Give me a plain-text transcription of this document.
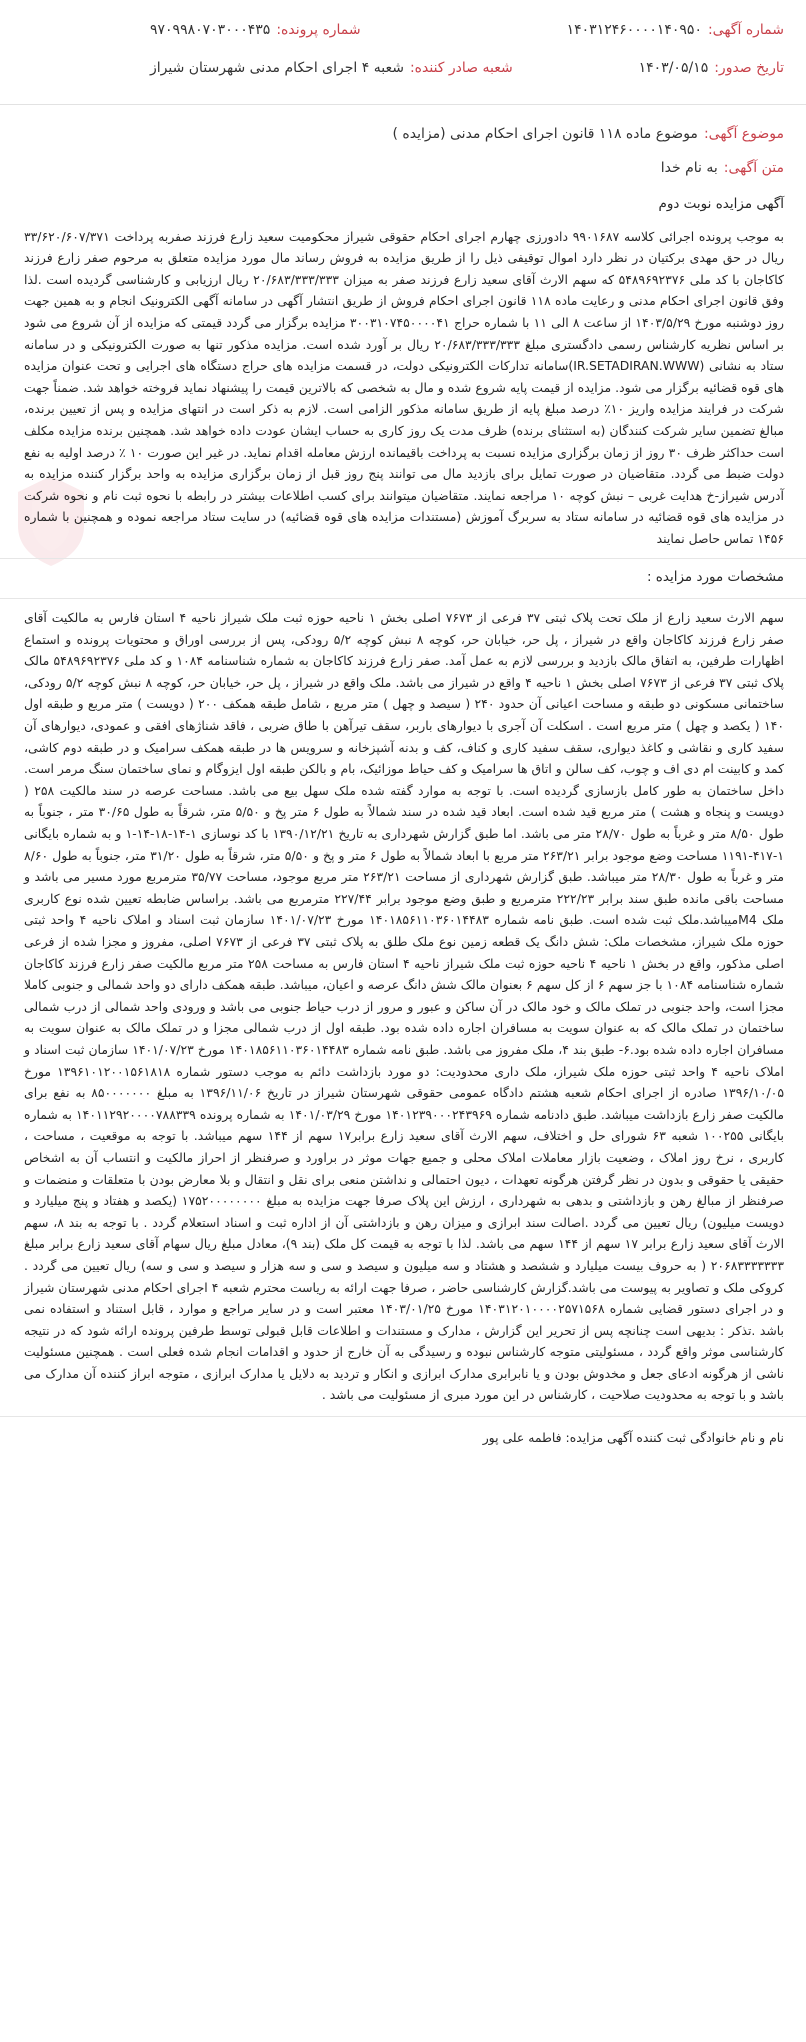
شماره آگهی:۱۴۰۳۱۲۴۶۰۰۰۰۱۴۰۹۵۰
شماره پرونده:۹۷۰۹۹۸۰۷۰۳۰۰۰۴۳۵
تاریخ صدور:۱۴۰۳/۰۵/۱۵
شعبه صادر کننده:شعبه ۴ اجرای احکام مدنی شهرستان شیراز
موضوع آگهی:موضوع ماده ۱۱۸ قانون اجرای احکام مدنی (مزایده )
متن آگهی:به نام خدا

آگهی مزایده نوبت دوم

به موجب پرونده اجرائی کلاسه ۹۹۰۱۶۸۷ دادورزی چهارم اجرای احکام حقوقی شیراز محکومیت سعید زارع فرزند صفربه پرداخت ۳۳/۶۲۰/۶۰۷/۳۷۱ ریال در حق مهدی برکتیان در نظر دارد اموال توقیفی ذیل را از طریق مزایده به فروش رساند مال مورد مزایده متعلق به مرحوم صفر زارع فرزند کاکاجان با کد ملی ۵۴۸۹۶۹۲۳۷۶ که سهم الارث آقای سعید زارع فرزند صفر به میزان ۲۰/۶۸۳/۳۳۳/۳۳۳ ریال ارزیابی و کارشناسی گردیده است .لذا وفق قانون اجرای احکام مدنی و رعایت ماده ۱۱۸ قانون اجرای احکام فروش از طریق انتشار آگهی در سامانه آگهی الکترونیک انجام و به همین جهت روز دوشنبه مورخ ۱۴۰۳/۵/۲۹ از ساعت ۸ الی ۱۱ با شماره حراج ۳۰۰۳۱۰۷۴۵۰۰۰۰۴۱ مزایده برگزار می گردد قیمتی که مزایده از آن شروع می شود بر اساس نظریه کارشناس رسمی دادگستری مبلغ ۲۰/۶۸۳/۳۳۳/۳۳۳ ریال بر آورد شده است. مزایده مذکور تنها به صورت الکترونیکی و در سامانه ستاد به نشانی (IR.SETADIRAN.WWW)سامانه تدارکات الکترونیکی دولت، در قسمت مزایده های حراج دستگاه های اجرایی و تحت عنوان مزایده های قوه قضائیه برگزار می شود. مزایده از قیمت پایه شروع شده و مال به شخصی که بالاترین قیمت را پیشنهاد نماید فروخته خواهد شد. ضمناً جهت شرکت در فرایند مزایده واریز ۱۰٪ درصد مبلغ پایه از طریق سامانه مذکور الزامی است. لازم به ذکر است در انتهای مزایده و پس از تعیین برنده، مبالغ تضمین سایر شرکت کنندگان (به استثنای برنده) ظرف مدت یک روز کاری به حساب ایشان عودت داده خواهد شد. همچنین برنده مزایده مکلف است حداکثر ظرف ۳۰ روز از زمان برگزاری مزایده نسبت به پرداخت باقیمانده ارزش معامله اقدام نماید. در غیر این صورت ۱۰ ٪ درصد اولیه به نفع دولت ضبط می گردد. متقاضیان در صورت تمایل برای بازدید مال می توانند پنج روز قبل از زمان برگزاری مزایده به واحد برگزار کننده مزایده به آدرس شیراز-خ هدایت غربی – نبش کوچه ۱۰ مراجعه نمایند. متقاضیان میتوانند برای کسب اطلاعات بیشتر در رابطه با نحوه ثبت نام و نحوه شرکت در مزایده های قوه قضائیه در سامانه ستاد به سربرگ آموزش (مستندات مزایده های قوه قضائیه) در سایت ستاد مراجعه نموده و همچنین با شماره ۱۴۵۶ تماس حاصل نمایند

مشخصات مورد مزایده :

سهم الارث سعید زارع از ملک تحت پلاک ثبتی ۳۷ فرعی از ۷۶۷۳ اصلی بخش ۱ ناحیه حوزه ثبت ملک شیراز ناحیه ۴ استان فارس به مالکیت آقای صفر زارع فرزند کاکاجان واقع در شیراز ، پل حر، خیابان حر، کوچه ۸ نبش کوچه ۵/۲ رودکی، پس از بررسی اوراق و محتویات پرونده و استماع اظهارات طرفین، به اتفاق مالک بازدید و بررسی لازم به عمل آمد. صفر زارع فرزند کاکاجان به شماره شناسنامه ۱۰۸۴ و کد ملی ۵۴۸۹۶۹۲۳۷۶ مالک پلاک ثبتی ۳۷ فرعی از ۷۶۷۳ اصلی بخش ۱ ناحیه ۴ واقع در شیراز می باشد. ملک واقع در شیراز ، پل حر، خیابان حر، کوچه ۸ نبش کوچه ۵/۲ رودکی، ساختمانی مسکونی دو طبقه و مساحت اعیانی آن حدود ۲۴۰ ( سیصد و چهل ) متر مربع ، شامل طبقه همکف ۲۰۰ ( دویست ) متر مربع و طبقه اول ۱۴۰ ( یکصد و چهل ) متر مربع است . اسکلت آن آجری با دیوارهای باربر، سقف تیرآهن با طاق ضربی ، فاقد شناژهای افقی و عمودی، دیوارهای آن سفید کاری و نقاشی و کاغذ دیواری، سقف سفید کاری و کناف، کف و بدنه آشپزخانه و سرویس ها در طبقه همکف سرامیک و در طبقه دوم کاشی، کمد و کابینت ام دی اف و چوب، کف سالن و اتاق ها سرامیک و کف حیاط موزائیک، بام و بالکن طبقه اول ایزوگام و نمای ساختمان سنگ مرمر است. داخل ساختمان به طور کامل بازسازی گردیده است. با توجه به موارد گفته شده ملک سهل بیع می باشد. مساحت عرصه در سند مالکیت ۲۵۸ ( دویست و پنجاه و هشت ) متر مربع قید شده است. ابعاد قید شده در سند شمالاً به طول ۶ متر پخ و ۵/۵۰ متر، شرقاً به طول ۳۰/۶۵ متر ، جنوباً به طول ۸/۵۰ متر و غرباً به طول ۲۸/۷۰ متر می باشد. اما طبق گزارش شهرداری به تاریخ ۱۳۹۰/۱۲/۲۱ با کد نوسازی ۱-۱۴-۱۸-۱۴-۱ و به شماره بایگانی ۱-۴۱۷-۱۱۹۱ مساحت وضع موجود برابر ۲۶۳/۲۱ متر مربع با ابعاد شمالاً به طول ۶ متر و پخ و ۵/۵۰ متر، شرقاً به طول ۳۱/۲۰ متر، جنوباً به طول ۸/۶۰ متر و غرباً به طول ۲۸/۳۰ متر میباشد. طبق گزارش شهرداری از مساحت ۲۶۳/۲۱ متر مربع موجود، مساحت ۳۵/۷۷ مترمربع مورد مسیر می باشد و مساحت باقی مانده طبق سند برابر ۲۲۲/۲۳ مترمربع و طبق وضع موجود برابر ۲۲۷/۴۴ مترمربع می باشد. براساس ضابطه تعیین شده نوع کاربری ملک M4میباشد.ملک ثبت شده است. طبق نامه شماره ۱۴۰۱۸۵۶۱۱۰۳۶۰۱۴۴۸۳ مورخ ۱۴۰۱/۰۷/۲۳ سازمان ثبت اسناد و املاک ناحیه ۴ واحد ثبتی حوزه ملک شیراز، مشخصات ملک: شش دانگ یک قطعه زمین نوع ملک طلق به پلاک ثبتی ۳۷ فرعی از ۷۶۷۳ اصلی، مفروز و مجزا شده از فرعی اصلی مذکور، واقع در بخش ۱ ناحیه ۴ ناحیه حوزه ثبت ملک شیراز ناحیه ۴ استان فارس به مساحت ۲۵۸ متر مربع مالکیت صفر زارع فرزند کاکاجان شماره شناسنامه ۱۰۸۴ با جز سهم ۶ از کل سهم ۶ بعنوان مالک شش دانگ عرصه و اعیان، میباشد. طبقه همکف دارای دو واحد شمالی و جنوبی کاملا مجزا است، واحد جنوبی در تملک مالک و خود مالک در آن ساکن و عبور و مرور از درب حیاط جنوبی می باشد و ورودی واحد شمالی از درب شمالی ساختمان در تملک مالک که به عنوان سویت به مسافران اجاره داده شده بود. طبقه اول از درب شمالی مجزا و در تملک مالک به عنوان سویت به مسافران اجاره داده شده بود.۶- طبق بند ۴، ملک مفروز می باشد. طبق نامه شماره ۱۴۰۱۸۵۶۱۱۰۳۶۰۱۴۴۸۳ مورخ ۱۴۰۱/۰۷/۲۳ سازمان ثبت اسناد و املاک ناحیه ۴ واحد ثبتی حوزه ملک شیراز، ملک داری محدودیت: دو مورد بازداشت دائم به موجب دستور شماره ۱۳۹۶۱۰۱۲۰۰۱۵۶۱۸۱۸ مورخ ۱۳۹۶/۱۰/۰۵ صادره از اجرای احکام شعبه هشتم دادگاه عمومی حقوقی شهرستان شیراز در تاریخ ۱۳۹۶/۱۱/۰۶ به مبلغ ۸۵۰۰۰۰۰۰۰ به نفع برای مالکیت صفر زارع بازداشت میباشد. طبق دادنامه شماره ۱۴۰۱۲۳۹۰۰۰۲۴۳۹۶۹ مورخ ۱۴۰۱/۰۳/۲۹ به شماره پرونده ۱۴۰۱۱۲۹۲۰۰۰۰۷۸۸۳۳۹ به شماره بایگانی ۱۰۰۲۵۵ شعبه ۶۳ شورای حل و اختلاف، سهم الارث آقای سعید زارع برابر۱۷ سهم از ۱۴۴ سهم میباشد. با توجه به موقعیت ، مساحت ، کاربری ، نرخ روز املاک ، وضعیت بازار معاملات املاک محلی و جمیع جهات موثر در براورد و صرفنظر از احراز مالکیت و انتساب آن به اشخاص حقیقی یا حقوقی و بدون در نظر گرفتن هرگونه تعهدات ، دیون احتمالی و نداشتن منعی برای نقل و انتقال و بلا معارض بودن با متعلقات و منضمات و صرفنظر از مبالغ رهن و بازداشتی و بدهی به شهرداری ، ارزش این پلاک صرفا جهت مزایده به مبلغ ۱۷۵۲۰۰۰۰۰۰۰۰ (یکصد و هفتاد و پنج میلیارد و دویست میلیون) ریال تعیین می گردد .اصالت سند ابرازی و میزان رهن و بازداشتی آن از اداره ثبت و اسناد استعلام گردد . با توجه به بند ۸، سهم الارث آقای سعید زارع برابر ۱۷ سهم از ۱۴۴ سهم می باشد. لذا با توجه به قیمت کل ملک (بند ۹)، معادل مبلغ ریال سهام آقای سعید زارع برابر مبلغ ۲۰۶۸۳۳۳۳۳۳۳ ( به حروف بیست میلیارد و ششصد و هشتاد و سه میلیون و سیصد و سی و سه هزار و سیصد و سی و سه) ریال تعیین می گردد . کروکی ملک و تصاویر به پیوست می باشد.گزارش کارشناسی حاضر ، صرفا جهت ارائه به ریاست محترم شعبه ۴ اجرای احکام مدنی شهرستان شیراز و در اجرای دستور قضایی شماره ۱۴۰۳۱۲۰۱۰۰۰۰۲۵۷۱۵۶۸ مورخ ۱۴۰۳/۰۱/۲۵ معتبر است و در سایر مراجع و موارد ، قابل استناد و استفاده نمی باشد .تذکر : بدیهی است چنانچه پس از تحریر این گزارش ، مدارک و مستندات و اطلاعات قابل قبولی توسط طرفین پرونده ارائه شود که در نتیجه کارشناسی موثر واقع گردد ، مسئولیتی متوجه کارشناس نبوده و رسیدگی به آن خارج از حدود و اقدامات انجام شده فعلی است . همچنین مسئولیت ناشی از هرگونه ادعای جعل و مخدوش بودن و یا نابرابری مدارک ابرازی و انکار و تردید به دلایل یا مدارک ابرازی ، متوجه ابراز کننده آن مدارک می باشد و با توجه به محدودیت صلاحیت ، کارشناس در این مورد مبری از مسئولیت می باشد .

نام و نام خانوادگی ثبت کننده آگهی مزایده: فاطمه علی پور
